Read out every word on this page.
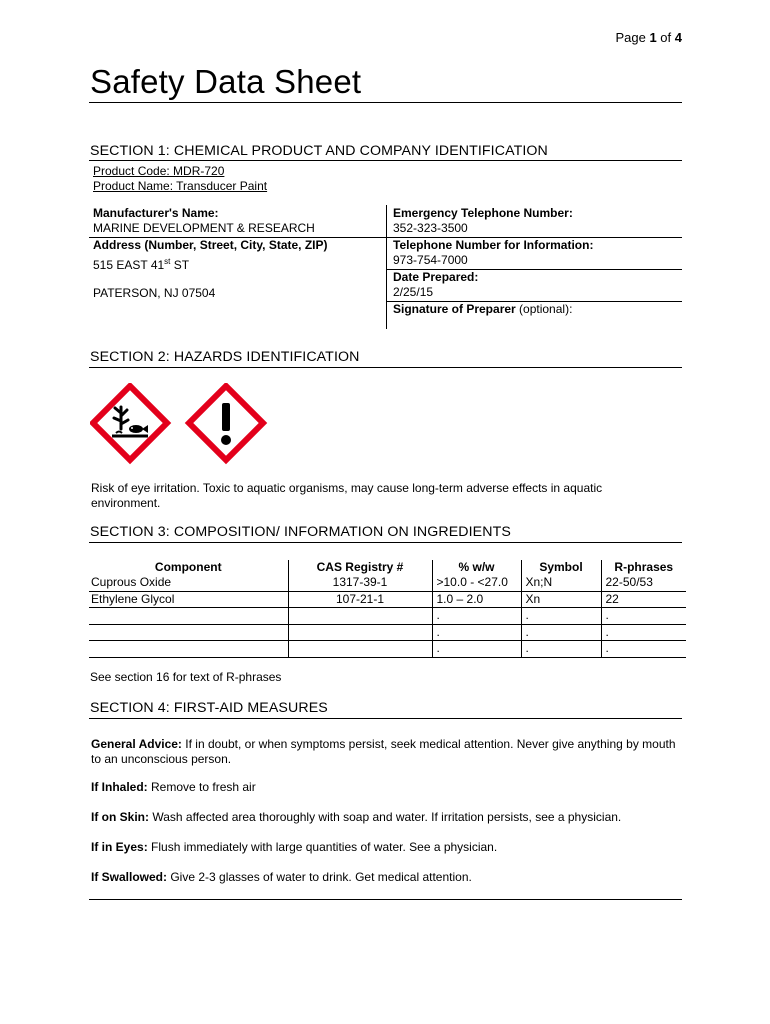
Page 1 of 4
Safety Data Sheet
SECTION 1: CHEMICAL PRODUCT AND COMPANY IDENTIFICATION
Product Code: MDR-720
Product Name: Transducer Paint
Manufacturer's Name:
MARINE DEVELOPMENT & RESEARCH
Address (Number, Street, City, State, ZIP)
515 EAST 41st ST
PATERSON, NJ 07504
Emergency Telephone Number:
352-323-3500
Telephone Number for Information:
973-754-7000
Date Prepared:
2/25/15
Signature of Preparer (optional):
SECTION 2: HAZARDS IDENTIFICATION
Risk of eye irritation. Toxic to aquatic organisms, may cause long-term adverse effects in aquatic environment.
SECTION 3: COMPOSITION/ INFORMATION ON INGREDIENTS
Component	CAS Registry #	% w/w	Symbol	R-phrases
Cuprous Oxide	1317-39-1	>10.0 - <27.0	Xn;N	22-50/53
Ethylene Glycol	107-21-1	1.0 – 2.0	Xn	22
		.	.	.
		.	.	.
		.	.	.
See section 16 for text of R-phrases
SECTION 4: FIRST-AID MEASURES
General Advice: If in doubt, or when symptoms persist, seek medical attention. Never give anything by mouth to an unconscious person.
If Inhaled: Remove to fresh air
If on Skin: Wash affected area thoroughly with soap and water. If irritation persists, see a physician.
If in Eyes: Flush immediately with large quantities of water. See a physician.
If Swallowed: Give 2-3 glasses of water to drink. Get medical attention.
